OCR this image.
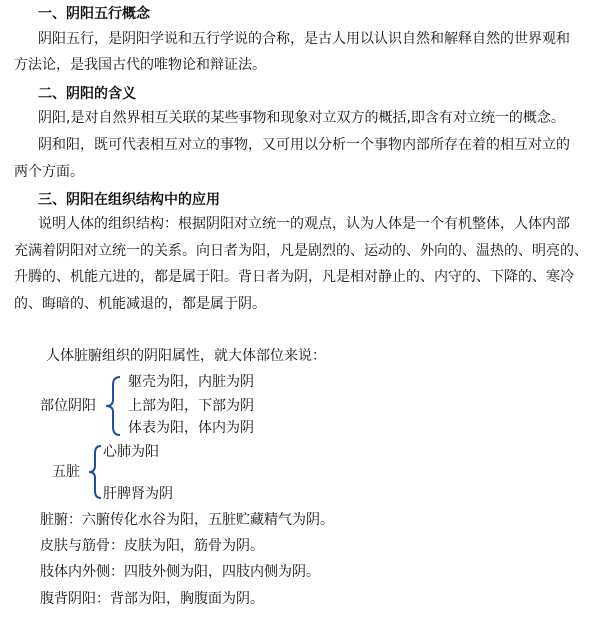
一、阴阳五行概念
阴阳五行，是阴阳学说和五行学说的合称，是古人用以认识自然和解释自然的世界观和
方法论，是我国古代的唯物论和辩证法。
二、阴阳的含义
阴阳,是对自然界相互关联的某些事物和现象对立双方的概括,即含有对立统一的概念。
阴和阳，既可代表相互对立的事物，又可用以分析一个事物内部所存在着的相互对立的
两个方面。
三、阴阳在组织结构中的应用
说明人体的组织结构：根据阴阳对立统一的观点，认为人体是一个有机整体，人体内部
充满着阴阳对立统一的关系。向日者为阳，凡是剧烈的、运动的、外向的、温热的、明亮的、
升腾的、机能亢进的，都是属于阳。背日者为阴，凡是相对静止的、内守的、下降的、寒冷
的、晦暗的、机能减退的，都是属于阴。
人体脏腑组织的阴阳属性，就大体部位来说：
部位阴阳
躯壳为阳，内脏为阴
上部为阳，下部为阴
体表为阳，体内为阴
五脏
心肺为阳
肝脾肾为阴
脏腑：六腑传化水谷为阳，五脏贮藏精气为阴。
皮肤与筋骨：皮肤为阳，筋骨为阴。
肢体内外侧：四肢外侧为阳，四肢内侧为阴。
腹背阴阳：背部为阳，胸腹面为阴。
